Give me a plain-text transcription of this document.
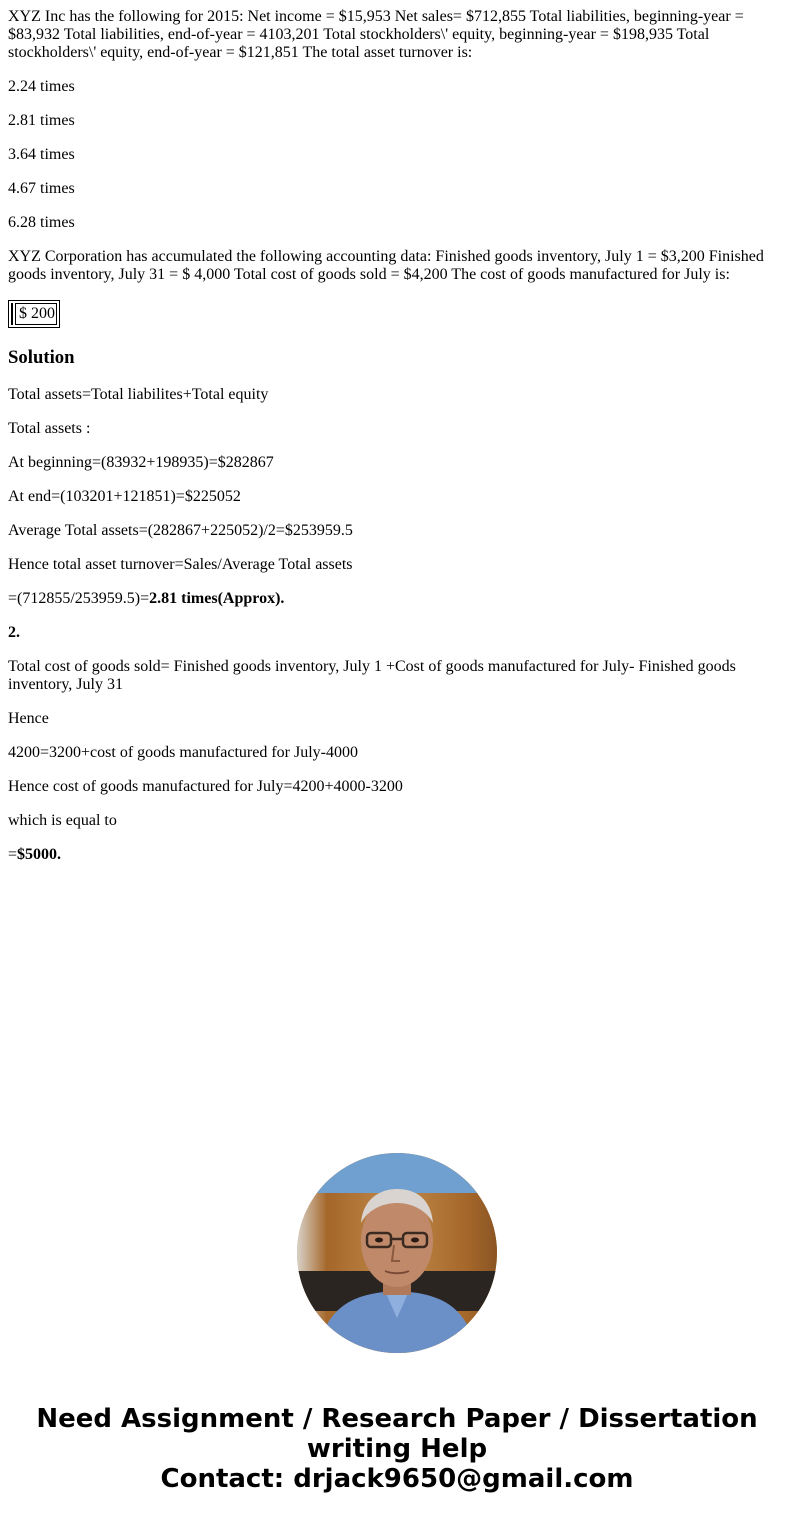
XYZ Inc has the following for 2015: Net income = $15,953 Net sales= $712,855 Total liabilities, beginning-year = $83,932 Total liabilities, end-of-year = 4103,201 Total stockholders\' equity, beginning-year = $198,935 Total stockholders\' equity, end-of-year = $121,851 The total asset turnover is:

2.24 times

2.81 times

3.64 times

4.67 times

6.28 times

XYZ Corporation has accumulated the following accounting data: Finished goods inventory, July 1 = $3,200 Finished goods inventory, July 31 = $ 4,000 Total cost of goods sold = $4,200 The cost of goods manufactured for July is:

	$ 200
Solution

Total assets=Total liabilites+Total equity

Total assets :

At beginning=(83932+198935)=$282867

At end=(103201+121851)=$225052

Average Total assets=(282867+225052)/2=$253959.5

Hence total asset turnover=Sales/Average Total assets

=(712855/253959.5)=2.81 times(Approx).

2.

Total cost of goods sold= Finished goods inventory, July 1 +Cost of goods manufactured for July- Finished goods inventory, July 31

Hence

4200=3200+cost of goods manufactured for July-4000

Hence cost of goods manufactured for July=4200+4000-3200

which is equal to

=$5000.

Need Assignment / Research Paper / Dissertation
writing Help
Contact: drjack9650@gmail.com
